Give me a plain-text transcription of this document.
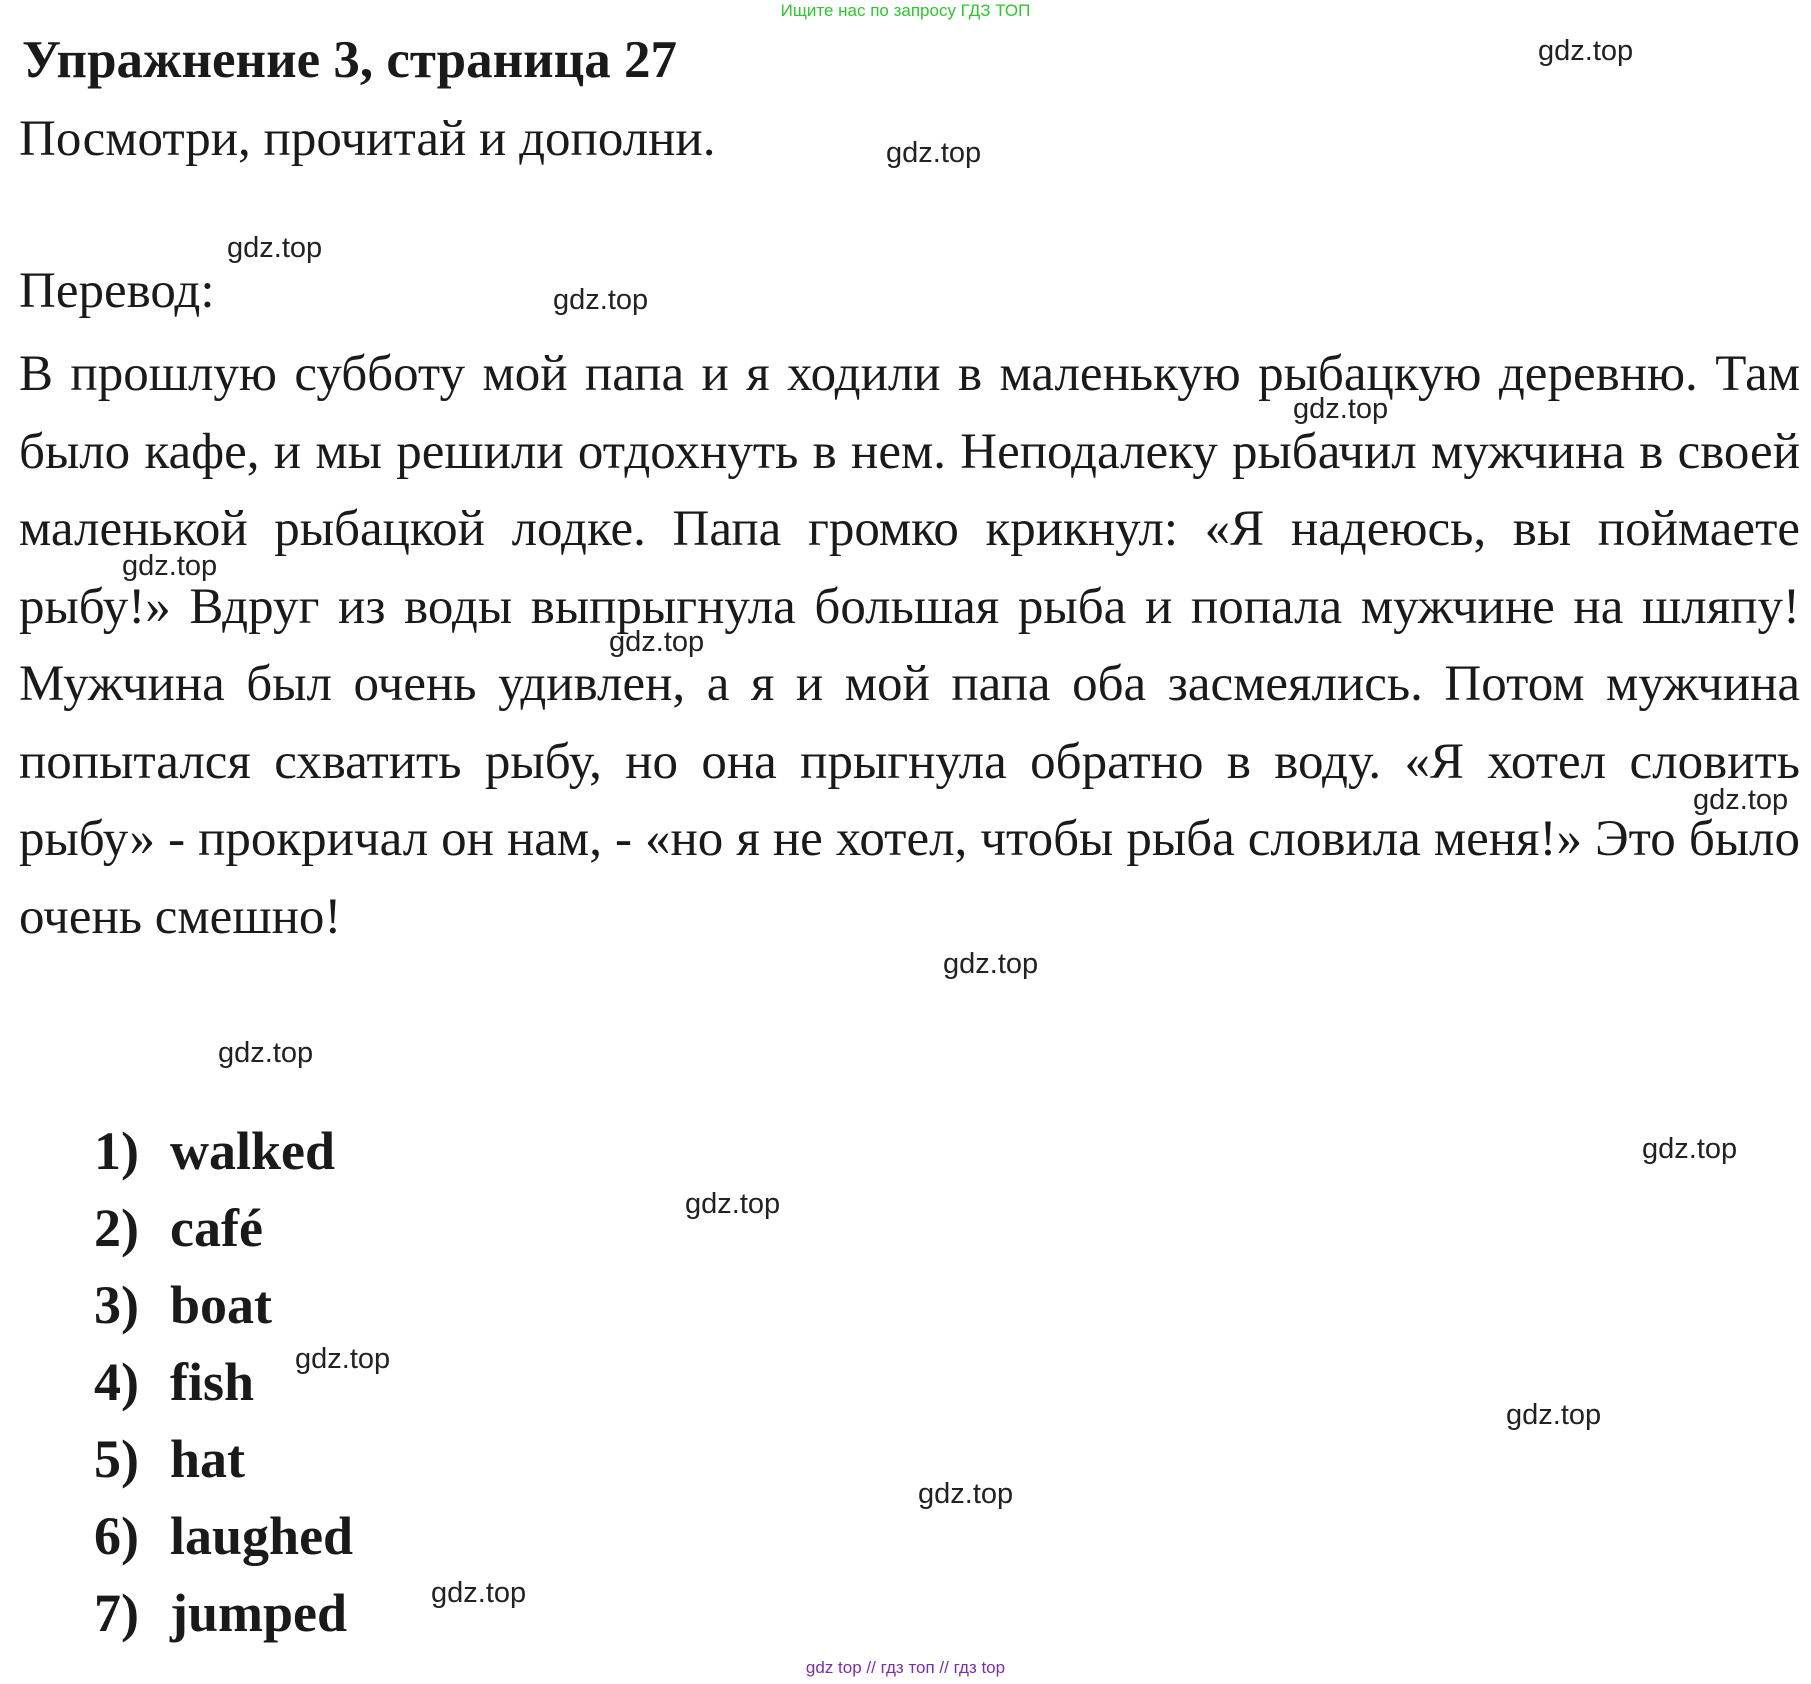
Ищите нас по запросу ГДЗ ТОП
Упражнение 3, страница 27
Посмотри, прочитай и дополни.
Перевод:

В прошлую субботу мой папа и я ходили в маленькую рыбацкую деревню. Там было кафе, и мы решили отдохнуть в нем. Неподалеку рыбачил мужчина в своей маленькой рыбацкой лодке. Папа громко крикнул: «Я надеюсь, вы поймаете рыбу!» Вдруг из воды выпрыгнула большая рыба и попала мужчине на шляпу! Мужчина был очень удивлен, а я и мой папа оба засмеялись. Потом мужчина попытался схватить рыбу, но она прыгнула обратно в воду. «Я хотел словить рыбу» - прокричал он нам, - «но я не хотел, чтобы рыба словила меня!» Это было очень смешно!

1) walked
2) café
3) boat
4) fish
5) hat
6) laughed
7) jumped
gdz.top
gdz.top
gdz.top
gdz.top
gdz.top
gdz.top
gdz.top
gdz.top
gdz.top
gdz.top
gdz.top
gdz.top
gdz.top
gdz.top
gdz.top
gdz.top
gdz top // гдз топ // гдз top
